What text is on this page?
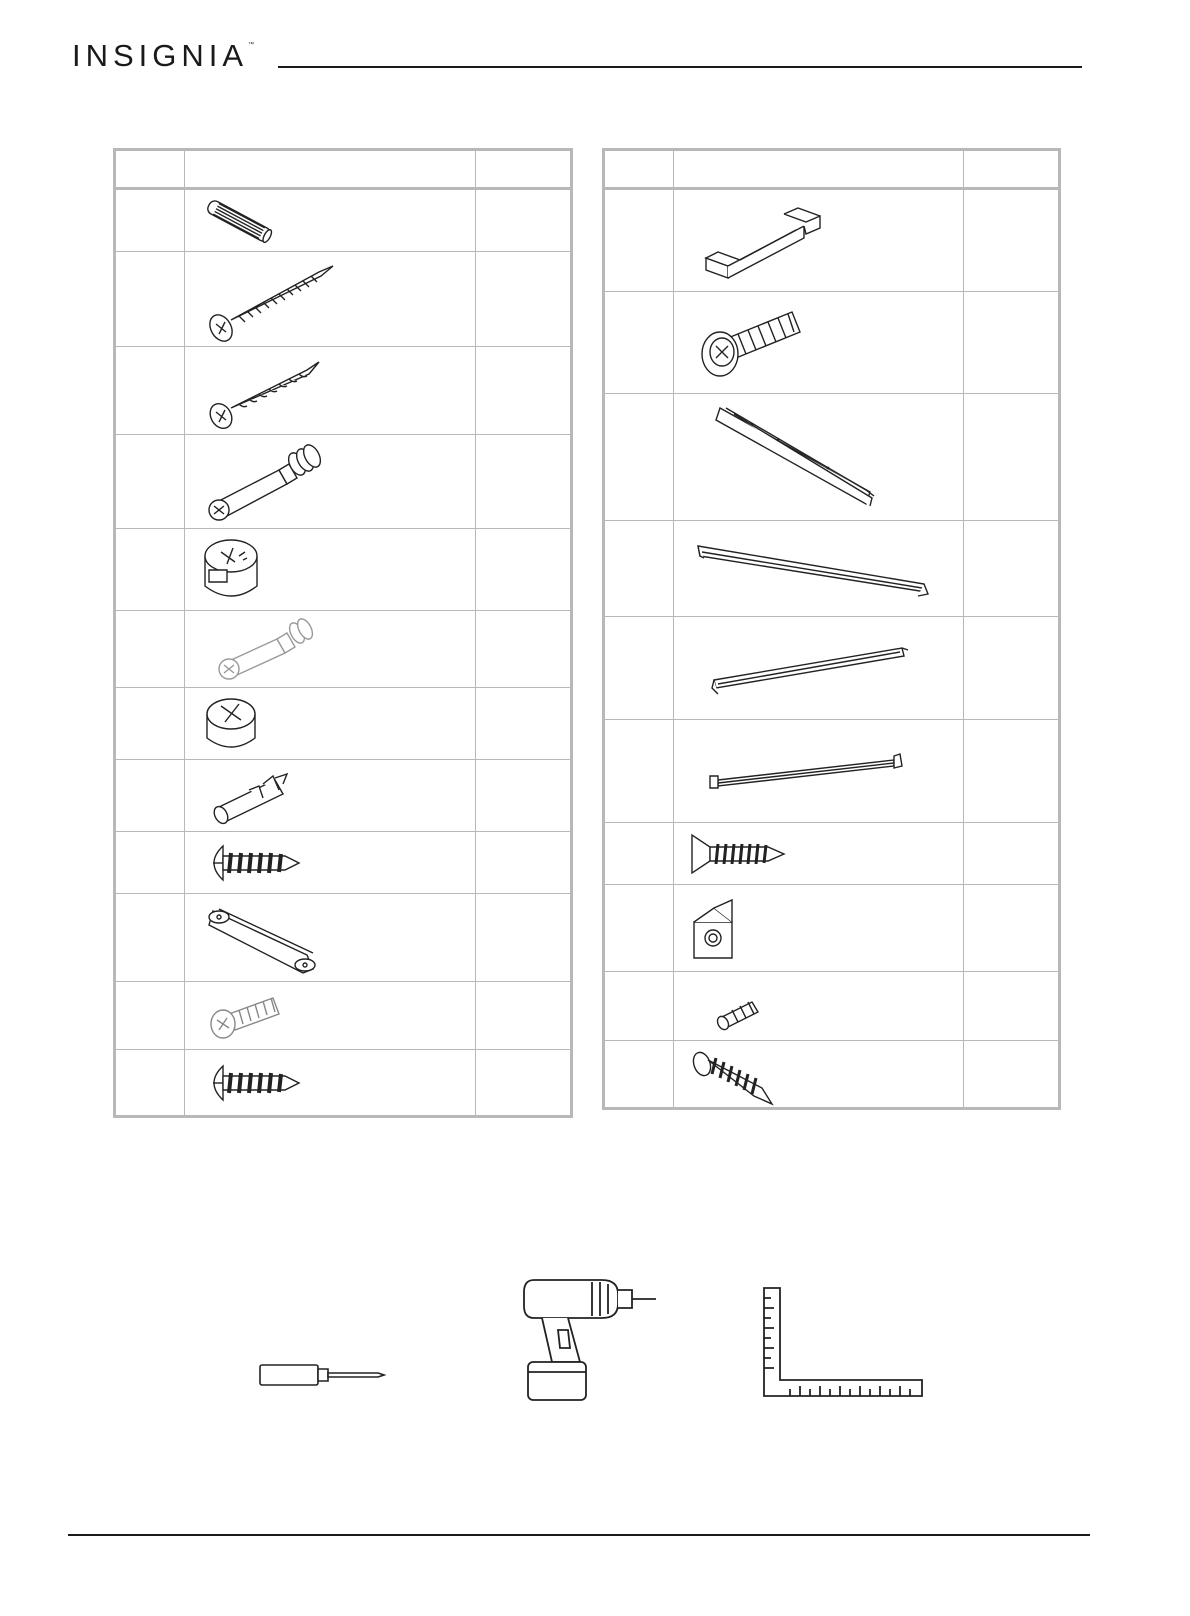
INSIGNIA™
